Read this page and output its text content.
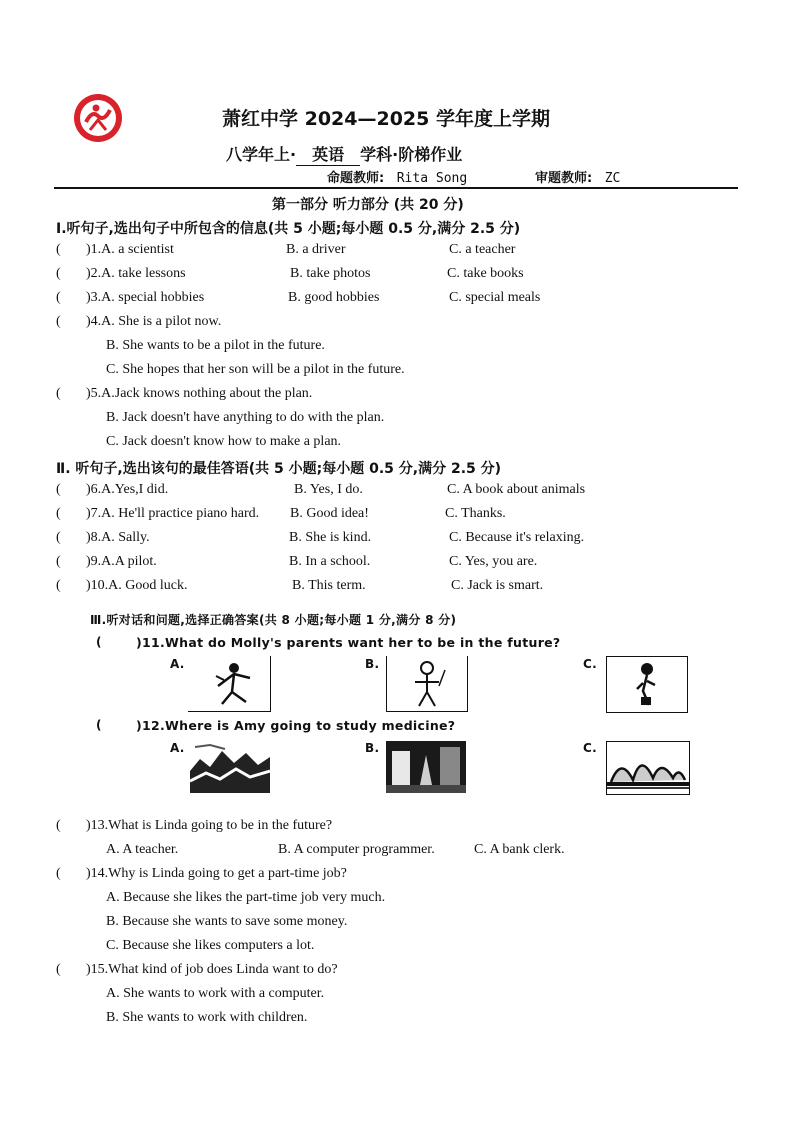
萧红中学 2024—2025 学年度上学期
八学年上· 英语 学科·阶梯作业
命题教师: Rita Song	审题教师: ZC
第一部分 听力部分 (共 20 分)
Ⅰ.听句子,选出句子中所包含的信息(共 5 小题;每小题 0.5 分,满分 2.5 分)
( )1.A. a scientist	B. a driver	C. a teacher
( )2.A. take lessons	B. take photos	C. take books
( )3.A. special hobbies	B. good hobbies	C. special meals
( )4.A. She is a pilot now.
B. She wants to be a pilot in the future.
C. She hopes that her son will be a pilot in the future.
( )5.A.Jack knows nothing about the plan.
B. Jack doesn't have anything to do with the plan.
C. Jack doesn't know how to make a plan.
Ⅱ. 听句子,选出该句的最佳答语(共 5 小题;每小题 0.5 分,满分 2.5 分)
( )6.A.Yes,I did.	B. Yes, I do.	C. A book about animals
( )7.A. He'll practice piano hard. B. Good idea!	C. Thanks.
( )8.A. Sally.	B. She is kind.	C. Because it's relaxing.
( )9.A.A pilot.	B. In a school.	C. Yes, you are.
( )10.A. Good luck.	B. This term.	C. Jack is smart.
Ⅲ.听对话和问题,选择正确答案(共 8 小题;每小题 1 分,满分 8 分)
(	)11.What do Molly's parents want her to be in the future?
A.	B.	C.
(	)12.Where is Amy going to study medicine?
A.	B.	C.
( )13.What is Linda going to be in the future?
A. A teacher.	B. A computer programmer.	C. A bank clerk.
( )14.Why is Linda going to get a part-time job?
A. Because she likes the part-time job very much.
B. Because she wants to save some money.
C. Because she likes computers a lot.
( )15.What kind of job does Linda want to do?
A. She wants to work with a computer.
B. She wants to work with children.
